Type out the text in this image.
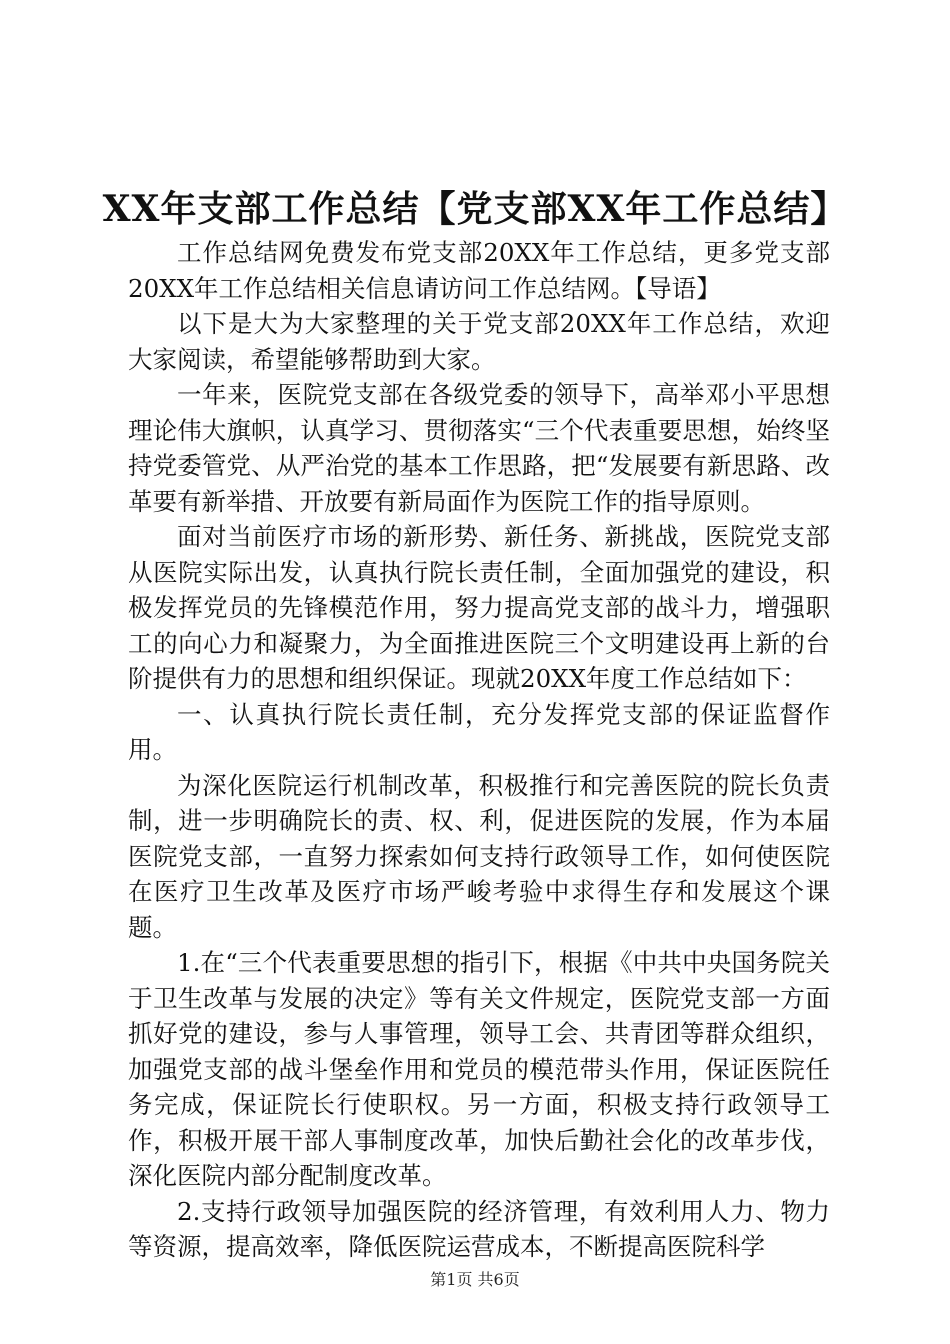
XX年支部工作总结【党支部XX年工作总结】

工作总结网免费发布党支部20XX年工作总结，更多党支部20XX年工作总结相关信息请访问工作总结网。【导语】

以下是大为大家整理的关于党支部20XX年工作总结，欢迎大家阅读，希望能够帮助到大家。

一年来，医院党支部在各级党委的领导下，高举邓小平思想理论伟大旗帜，认真学习、贯彻落实“三个代表重要思想，始终坚持党委管党、从严治党的基本工作思路，把“发展要有新思路、改革要有新举措、开放要有新局面作为医院工作的指导原则。

面对当前医疗市场的新形势、新任务、新挑战，医院党支部从医院实际出发，认真执行院长责任制，全面加强党的建设，积极发挥党员的先锋模范作用，努力提高党支部的战斗力，增强职工的向心力和凝聚力，为全面推进医院三个文明建设再上新的台阶提供有力的思想和组织保证。现就20XX年度工作总结如下：

一、认真执行院长责任制，充分发挥党支部的保证监督作用。

为深化医院运行机制改革，积极推行和完善医院的院长负责制，进一步明确院长的责、权、利，促进医院的发展，作为本届医院党支部，一直努力探索如何支持行政领导工作，如何使医院在医疗卫生改革及医疗市场严峻考验中求得生存和发展这个课题。

1.在“三个代表重要思想的指引下，根据《中共中央国务院关于卫生改革与发展的决定》等有关文件规定，医院党支部一方面抓好党的建设，参与人事管理，领导工会、共青团等群众组织，加强党支部的战斗堡垒作用和党员的模范带头作用，保证医院任务完成，保证院长行使职权。另一方面，积极支持行政领导工作，积极开展干部人事制度改革，加快后勤社会化的改革步伐，深化医院内部分配制度改革。

2.支持行政领导加强医院的经济管理，有效利用人力、物力等资源，提高效率，降低医院运营成本，不断提高医院科学

第1页 共6页
